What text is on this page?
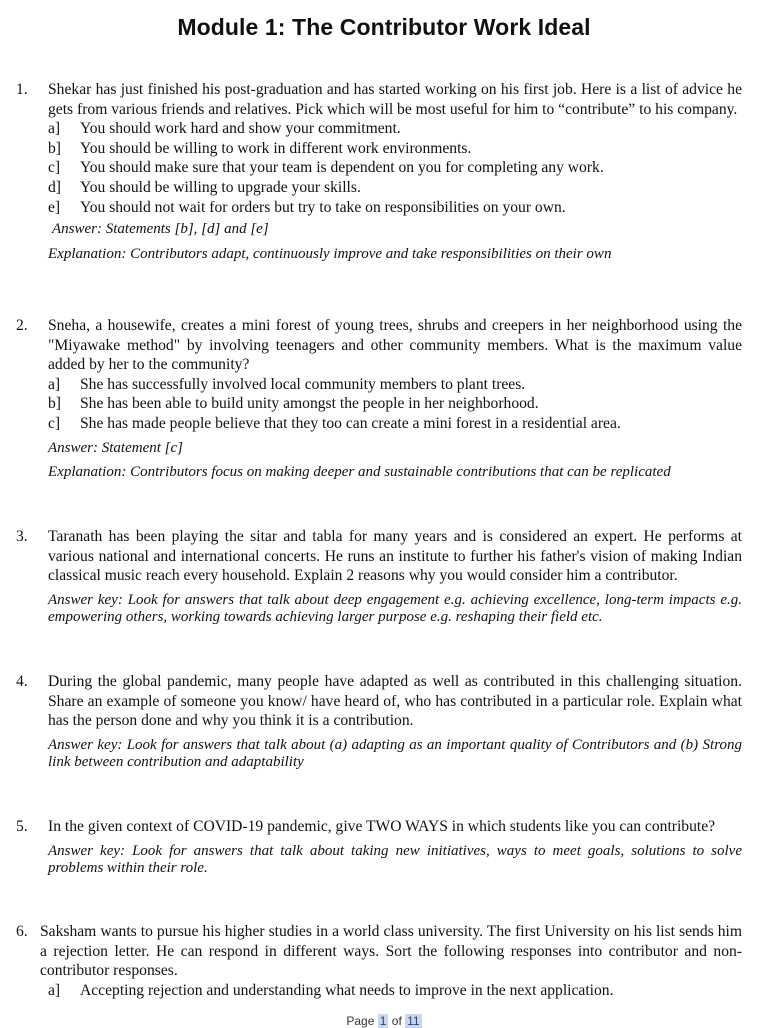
Module 1: The Contributor Work Ideal
1.	Shekar has just finished his post-graduation and has started working on his first job. Here is a list of advice he gets from various friends and relatives. Pick which will be most useful for him to “contribute” to his company.
a]	You should work hard and show your commitment.
b]	You should be willing to work in different work environments.
c]	You should make sure that your team is dependent on you for completing any work.
d]	You should be willing to upgrade your skills.
e]	You should not wait for orders but try to take on responsibilities on your own.
Answer: Statements [b], [d] and [e]
Explanation: Contributors adapt, continuously improve and take responsibilities on their own
2.	Sneha, a housewife, creates a mini forest of young trees, shrubs and creepers in her neighborhood using the "Miyawake method" by involving teenagers and other community members. What is the maximum value added by her to the community?
a]	She has successfully involved local community members to plant trees.
b]	She has been able to build unity amongst the people in her neighborhood.
c]	She has made people believe that they too can create a mini forest in a residential area.
Answer: Statement [c]
Explanation: Contributors focus on making deeper and sustainable contributions that can be replicated
3.	Taranath has been playing the sitar and tabla for many years and is considered an expert. He performs at various national and international concerts. He runs an institute to further his father's vision of making Indian classical music reach every household. Explain 2 reasons why you would consider him a contributor.
Answer key: Look for answers that talk about deep engagement e.g. achieving excellence, long-term impacts e.g. empowering others, working towards achieving larger purpose e.g. reshaping their field etc.
4.	During the global pandemic, many people have adapted as well as contributed in this challenging situation. Share an example of someone you know/ have heard of, who has contributed in a particular role. Explain what has the person done and why you think it is a contribution.
Answer key: Look for answers that talk about (a) adapting as an important quality of Contributors and (b) Strong link between contribution and adaptability
5.	In the given context of COVID-19 pandemic, give TWO WAYS in which students like you can contribute?
Answer key: Look for answers that talk about taking new initiatives, ways to meet goals, solutions to solve problems within their role.
6. Saksham wants to pursue his higher studies in a world class university. The first University on his list sends him a rejection letter. He can respond in different ways. Sort the following responses into contributor and non-contributor responses.
a]	Accepting rejection and understanding what needs to improve in the next application.
Page 1 of 11
